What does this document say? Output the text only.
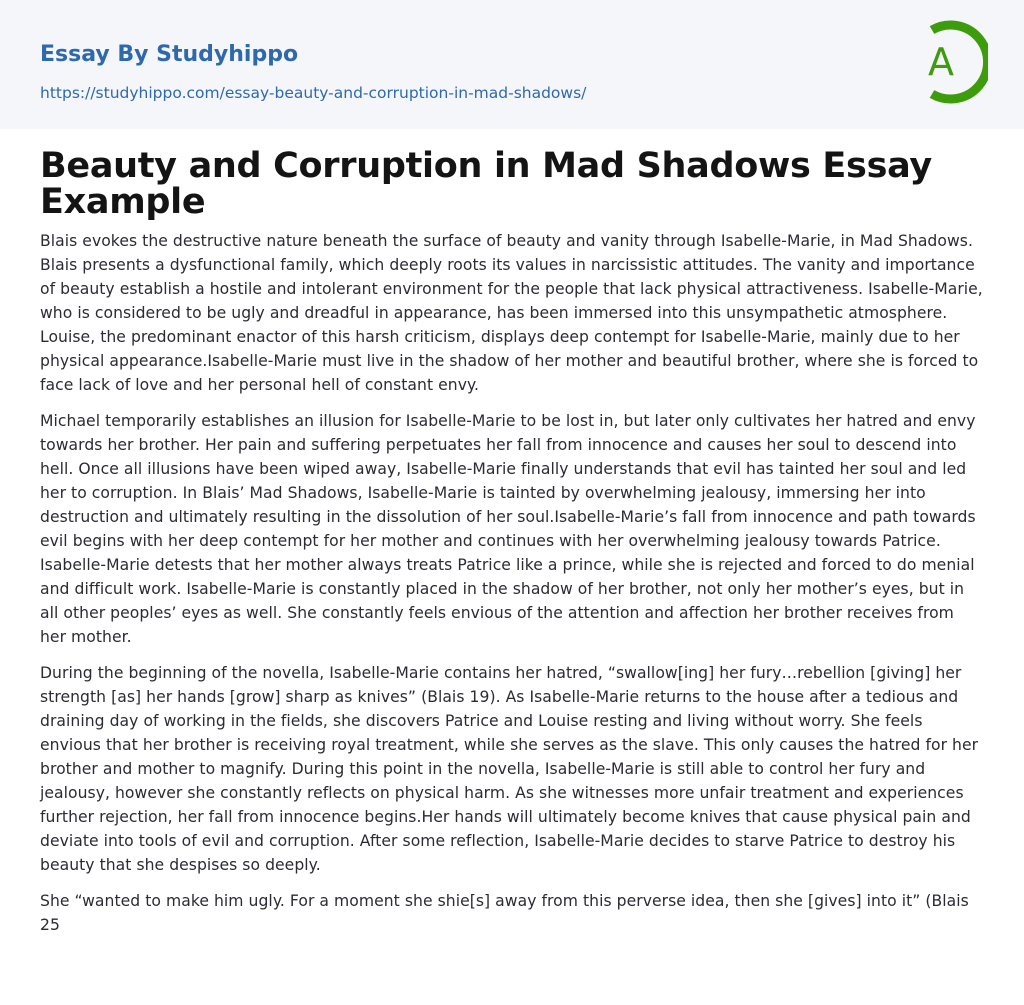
Essay By Studyhippo
https://studyhippo.com/essay-beauty-and-corruption-in-mad-shadows/
A
Beauty and Corruption in Mad Shadows Essay Example

Blais evokes the destructive nature beneath the surface of beauty and vanity through Isabelle-Marie, in Mad Shadows. Blais presents a dysfunctional family, which deeply roots its values in narcissistic attitudes. The vanity and importance of beauty establish a hostile and intolerant environment for the people that lack physical attractiveness. Isabelle-Marie, who is considered to be ugly and dreadful in appearance, has been immersed into this unsympathetic atmosphere. Louise, the predominant enactor of this harsh criticism, displays deep contempt for Isabelle-Marie, mainly due to her physical appearance.Isabelle-Marie must live in the shadow of her mother and beautiful brother, where she is forced to face lack of love and her personal hell of constant envy.

Michael temporarily establishes an illusion for Isabelle-Marie to be lost in, but later only cultivates her hatred and envy towards her brother. Her pain and suffering perpetuates her fall from innocence and causes her soul to descend into hell. Once all illusions have been wiped away, Isabelle-Marie finally understands that evil has tainted her soul and led her to corruption. In Blais’ Mad Shadows, Isabelle-Marie is tainted by overwhelming jealousy, immersing her into destruction and ultimately resulting in the dissolution of her soul.Isabelle-Marie’s fall from innocence and path towards evil begins with her deep contempt for her mother and continues with her overwhelming jealousy towards Patrice. Isabelle-Marie detests that her mother always treats Patrice like a prince, while she is rejected and forced to do menial and difficult work. Isabelle-Marie is constantly placed in the shadow of her brother, not only her mother’s eyes, but in all other peoples’ eyes as well. She constantly feels envious of the attention and affection her brother receives from her mother.

During the beginning of the novella, Isabelle-Marie contains her hatred, “swallow[ing] her fury…rebellion [giving] her strength [as] her hands [grow] sharp as knives” (Blais 19). As Isabelle-Marie returns to the house after a tedious and draining day of working in the fields, she discovers Patrice and Louise resting and living without worry. She feels envious that her brother is receiving royal treatment, while she serves as the slave. This only causes the hatred for her brother and mother to magnify. During this point in the novella, Isabelle-Marie is still able to control her fury and jealousy, however she constantly reflects on physical harm. As she witnesses more unfair treatment and experiences further rejection, her fall from innocence begins.Her hands will ultimately become knives that cause physical pain and deviate into tools of evil and corruption. After some reflection, Isabelle-Marie decides to starve Patrice to destroy his beauty that she despises so deeply.

She “wanted to make him ugly. For a moment she shie[s] away from this perverse idea, then she [gives] into it” (Blais 25
